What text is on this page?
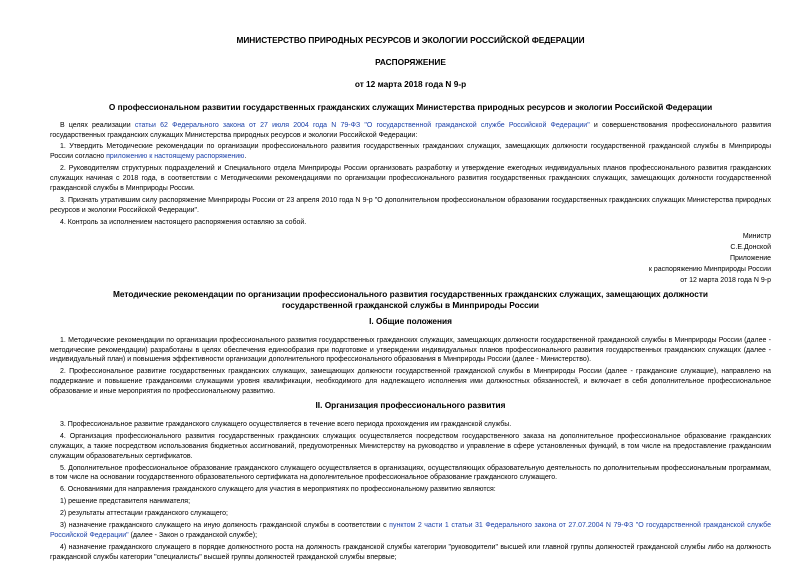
МИНИСТЕРСТВО ПРИРОДНЫХ РЕСУРСОВ И ЭКОЛОГИИ РОССИЙСКОЙ ФЕДЕРАЦИИ
РАСПОРЯЖЕНИЕ
от 12 марта 2018 года N 9-р
О профессиональном развитии государственных гражданских служащих Министерства природных ресурсов и экологии Российской Федерации

В целях реализации статьи 62 Федерального закона от 27 июля 2004 года N 79-ФЗ "О государственной гражданской службе Российской Федерации" и совершенствования профессионального развития государственных гражданских служащих Министерства природных ресурсов и экологии Российской Федерации:

1. Утвердить Методические рекомендации по организации профессионального развития государственных гражданских служащих, замещающих должности государственной гражданской службы в Минприроды России согласно приложению к настоящему распоряжению.

2. Руководителям структурных подразделений и Специального отдела Минприроды России организовать разработку и утверждение ежегодных индивидуальных планов профессионального развития гражданских служащих начиная с 2018 года, в соответствии с Методическими рекомендациями по организации профессионального развития государственных гражданских служащих, замещающих должности государственной гражданской службы в Минприроды России.

3. Признать утратившим силу распоряжение Минприроды России от 23 апреля 2010 года N 9-р "О дополнительном профессиональном образовании государственных гражданских служащих Министерства природных ресурсов и экологии Российской Федерации".

4. Контроль за исполнением настоящего распоряжения оставляю за собой.

Министр

С.Е.Донской

Приложение

к распоряжению Минприроды России

от 12 марта 2018 года N 9-р

Методические рекомендации по организации профессионального развития государственных гражданских служащих, замещающих должности государственной гражданской службы в Минприроды России
I. Общие положения

1. Методические рекомендации по организации профессионального развития государственных гражданских служащих, замещающих должности государственной гражданской службы в Минприроды России (далее - методические рекомендации) разработаны в целях обеспечения единообразия при подготовке и утверждении индивидуальных планов профессионального развития государственных гражданских служащих (далее - индивидуальный план) и повышения эффективности организации дополнительного профессионального образования в Минприроды России (далее - Министерство).

2. Профессиональное развитие государственных гражданских служащих, замещающих должности государственной гражданской службы в Минприроды России (далее - гражданские служащие), направлено на поддержание и повышение гражданскими служащими уровня квалификации, необходимого для надлежащего исполнения ими должностных обязанностей, и включает в себя дополнительное профессиональное образование и иные мероприятия по профессиональному развитию.

II. Организация профессионального развития

3. Профессиональное развитие гражданского служащего осуществляется в течение всего периода прохождения им гражданской службы.

4. Организация профессионального развития государственных гражданских служащих осуществляется посредством государственного заказа на дополнительное профессиональное образование гражданских служащих, а также посредством использования бюджетных ассигнований, предусмотренных Министерству на руководство и управление в сфере установленных функций, в том числе на предоставление гражданским служащим образовательных сертификатов.

5. Дополнительное профессиональное образование гражданского служащего осуществляется в организациях, осуществляющих образовательную деятельность по дополнительным профессиональным программам, в том числе на основании государственного образовательного сертификата на дополнительное профессиональное образование гражданского служащего.

6. Основаниями для направления гражданского служащего для участия в мероприятиях по профессиональному развитию являются:

1) решение представителя нанимателя;

2) результаты аттестации гражданского служащего;

3) назначение гражданского служащего на иную должность гражданской службы в соответствии с пунктом 2 части 1 статьи 31 Федерального закона от 27.07.2004 N 79-ФЗ "О государственной гражданской службе Российской Федерации" (далее - Закон о гражданской службе);

4) назначение гражданского служащего в порядке должностного роста на должность гражданской службы категории "руководители" высшей или главной группы должностей гражданской службы либо на должность гражданской службы категории "специалисты" высшей группы должностей гражданской службы впервые;
